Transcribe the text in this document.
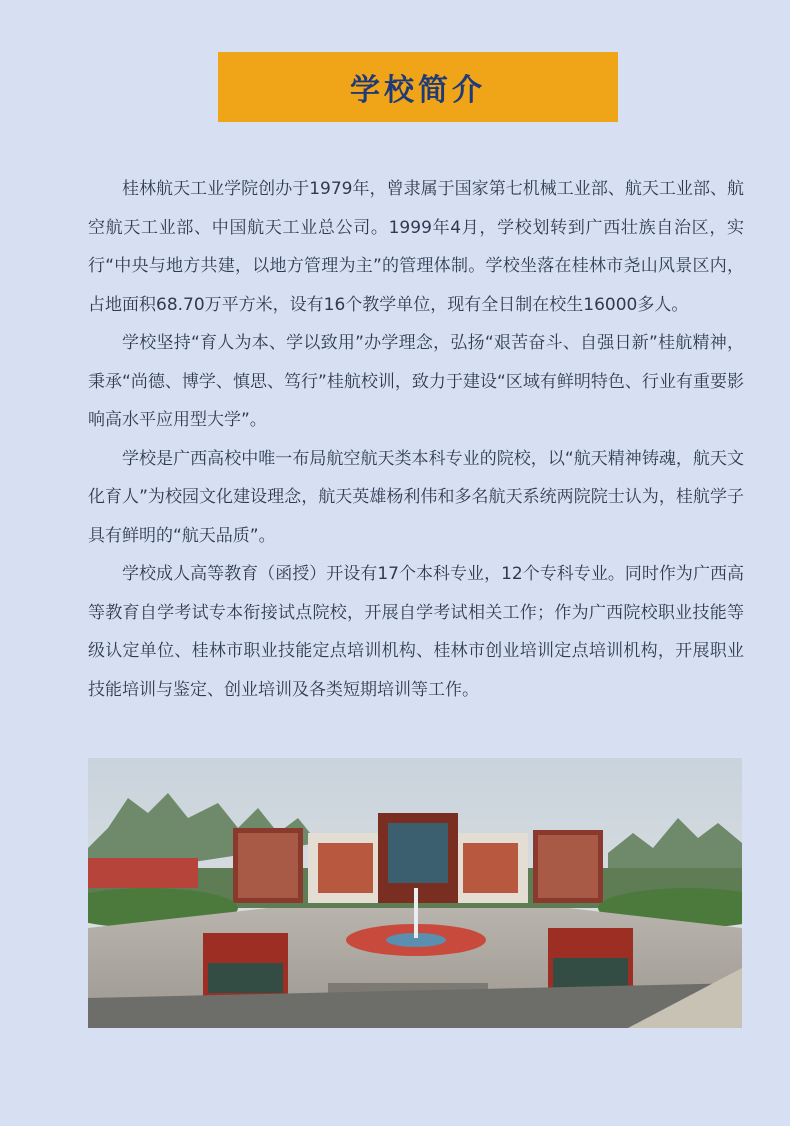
学校简介

桂林航天工业学院创办于1979年，曾隶属于国家第七机械工业部、航天工业部、航空航天工业部、中国航天工业总公司。1999年4月，学校划转到广西壮族自治区，实行“中央与地方共建，以地方管理为主”的管理体制。学校坐落在桂林市尧山风景区内，占地面积68.70万平方米，设有16个教学单位，现有全日制在校生16000多人。

学校坚持“育人为本、学以致用”办学理念，弘扬“艰苦奋斗、自强日新”桂航精神，秉承“尚德、博学、慎思、笃行”桂航校训，致力于建设“区域有鲜明特色、行业有重要影响高水平应用型大学”。

学校是广西高校中唯一布局航空航天类本科专业的院校，以“航天精神铸魂，航天文化育人”为校园文化建设理念，航天英雄杨利伟和多名航天系统两院院士认为，桂航学子具有鲜明的“航天品质”。

学校成人高等教育（函授）开设有17个本科专业，12个专科专业。同时作为广西高等教育自学考试专本衔接试点院校，开展自学考试相关工作；作为广西院校职业技能等级认定单位、桂林市职业技能定点培训机构、桂林市创业培训定点培训机构，开展职业技能培训与鉴定、创业培训及各类短期培训等工作。
